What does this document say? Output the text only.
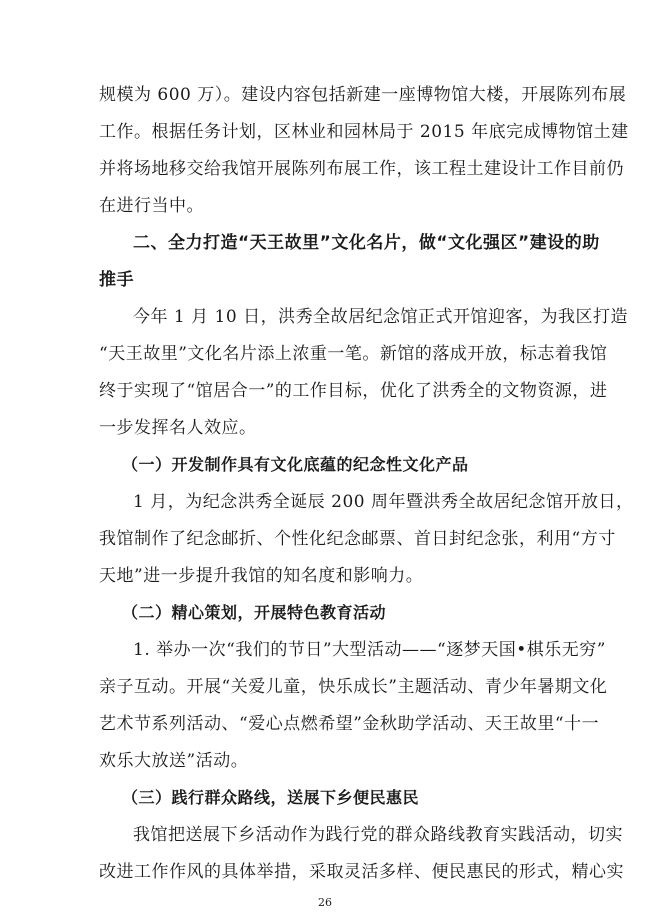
规模为 600 万）。建设内容包括新建一座博物馆大楼，开展陈列布展
工作。根据任务计划，区林业和园林局于 2015 年底完成博物馆土建
并将场地移交给我馆开展陈列布展工作，该工程土建设计工作目前仍
在进行当中。
二、全力打造“天王故里”文化名片，做“文化强区”建设的助
推手
今年 1 月 10 日，洪秀全故居纪念馆正式开馆迎客，为我区打造
“天王故里”文化名片添上浓重一笔。新馆的落成开放，标志着我馆
终于实现了“馆居合一”的工作目标，优化了洪秀全的文物资源，进
一步发挥名人效应。
（一）开发制作具有文化底蕴的纪念性文化产品
1 月，为纪念洪秀全诞辰 200 周年暨洪秀全故居纪念馆开放日，
我馆制作了纪念邮折、个性化纪念邮票、首日封纪念张，利用“方寸
天地”进一步提升我馆的知名度和影响力。
（二）精心策划，开展特色教育活动
1. 举办一次“我们的节日”大型活动——“逐梦天国•棋乐无穷”
亲子互动。开展“关爱儿童，快乐成长”主题活动、青少年暑期文化
艺术节系列活动、“爱心点燃希望”金秋助学活动、天王故里“十一
欢乐大放送”活动。
（三）践行群众路线，送展下乡便民惠民
我馆把送展下乡活动作为践行党的群众路线教育实践活动，切实
改进工作作风的具体举措，采取灵活多样、便民惠民的形式，精心实
26
